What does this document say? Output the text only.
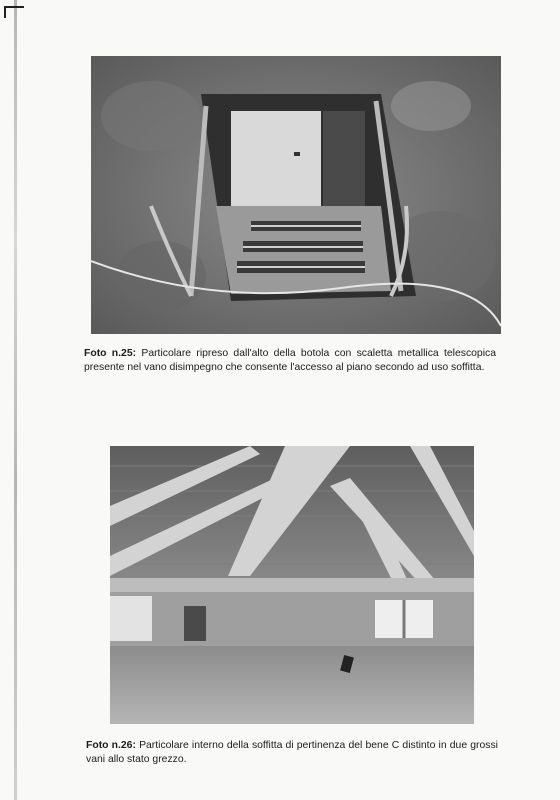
Foto n.25: Particolare ripreso dall'alto della botola con scaletta metallica telescopica presente nel vano disimpegno che consente l'accesso al piano secondo ad uso soffitta.
Foto n.26: Particolare interno della soffitta di pertinenza del bene C distinto in due grossi vani allo stato grezzo.
